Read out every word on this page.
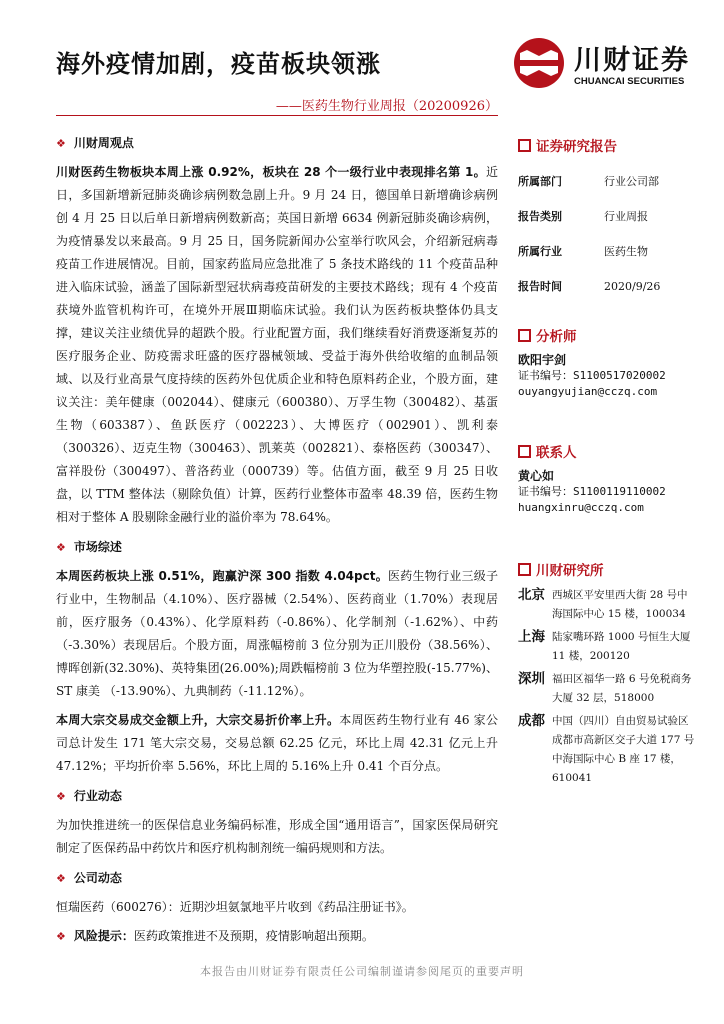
海外疫情加剧，疫苗板块领涨
——医药生物行业周报（20200926）
川财证券
CHUANCAI SECURITIES
❖ 川财周观点

川财医药生物板块本周上涨 0.92%，板块在 28 个一级行业中表现排名第 1。近日，多国新增新冠肺炎确诊病例数急剧上升。9 月 24 日，德国单日新增确诊病例创 4 月 25 日以后单日新增病例数新高；英国日新增 6634 例新冠肺炎确诊病例，为疫情暴发以来最高。9 月 25 日，国务院新闻办公室举行吹风会，介绍新冠病毒疫苗工作进展情况。目前，国家药监局应急批准了 5 条技术路线的 11 个疫苗品种进入临床试验，涵盖了国际新型冠状病毒疫苗研发的主要技术路线；现有 4 个疫苗获境外监管机构许可，在境外开展Ⅲ期临床试验。我们认为医药板块整体仍具支撑，建议关注业绩优异的超跌个股。行业配置方面，我们继续看好消费逐渐复苏的医疗服务企业、防疫需求旺盛的医疗器械领域、受益于海外供给收缩的血制品领域、以及行业高景气度持续的医药外包优质企业和特色原料药企业，个股方面，建议关注：美年健康（002044）、健康元（600380）、万孚生物（300482）、基蛋生物（603387）、鱼跃医疗（002223）、大博医疗（002901）、凯利泰（300326）、迈克生物（300463）、凯莱英（002821）、泰格医药（300347）、富祥股份（300497）、普洛药业（000739）等。估值方面，截至 9 月 25 日收盘，以 TTM 整体法（剔除负值）计算，医药行业整体市盈率 48.39 倍，医药生物相对于整体 A 股剔除金融行业的溢价率为 78.64%。

❖ 市场综述

本周医药板块上涨 0.51%，跑赢沪深 300 指数 4.04pct。医药生物行业三级子行业中，生物制品（4.10%）、医疗器械（2.54%）、医药商业（1.70%）表现居前，医疗服务（0.43%）、化学原料药（-0.86%）、化学制剂（-1.62%）、中药（-3.30%）表现居后。个股方面，周涨幅榜前 3 位分别为正川股份（38.56%）、博晖创新(32.30%)、英特集团(26.00%);周跌幅榜前 3 位为华塑控股(-15.77%)、ST 康美 （-13.90%）、九典制药（-11.12%）。

本周大宗交易成交金额上升，大宗交易折价率上升。本周医药生物行业有 46 家公司总计发生 171 笔大宗交易，交易总额 62.25 亿元，环比上周 42.31 亿元上升 47.12%；平均折价率 5.56%，环比上周的 5.16%上升 0.41 个百分点。

❖ 行业动态

为加快推进统一的医保信息业务编码标准，形成全国“通用语言”，国家医保局研究制定了医保药品中药饮片和医疗机构制剂统一编码规则和方法。

❖ 公司动态

恒瑞医药（600276）：近期沙坦氨氯地平片收到《药品注册证书》。

❖ 风险提示：医药政策推进不及预期，疫情影响超出预期。

证券研究报告
所属部门	行业公司部
报告类别	行业周报
所属行业	医药生物
报告时间	2020/9/26
分析师
欧阳宇剑
证书编号：S1100517020002
ouyangyujian@cczq.com
联系人
黄心如
证书编号：S1100119110002
huangxinru@cczq.com
川财研究所
北京 西城区平安里西大街 28 号中海国际中心 15 楼，100034
上海 陆家嘴环路 1000 号恒生大厦 11 楼，200120
深圳 福田区福华一路 6 号免税商务大厦 32 层，518000
成都 中国（四川）自由贸易试验区成都市高新区交子大道 177 号中海国际中心 B 座 17 楼，610041
本报告由川财证券有限责任公司编制谨请参阅尾页的重要声明
